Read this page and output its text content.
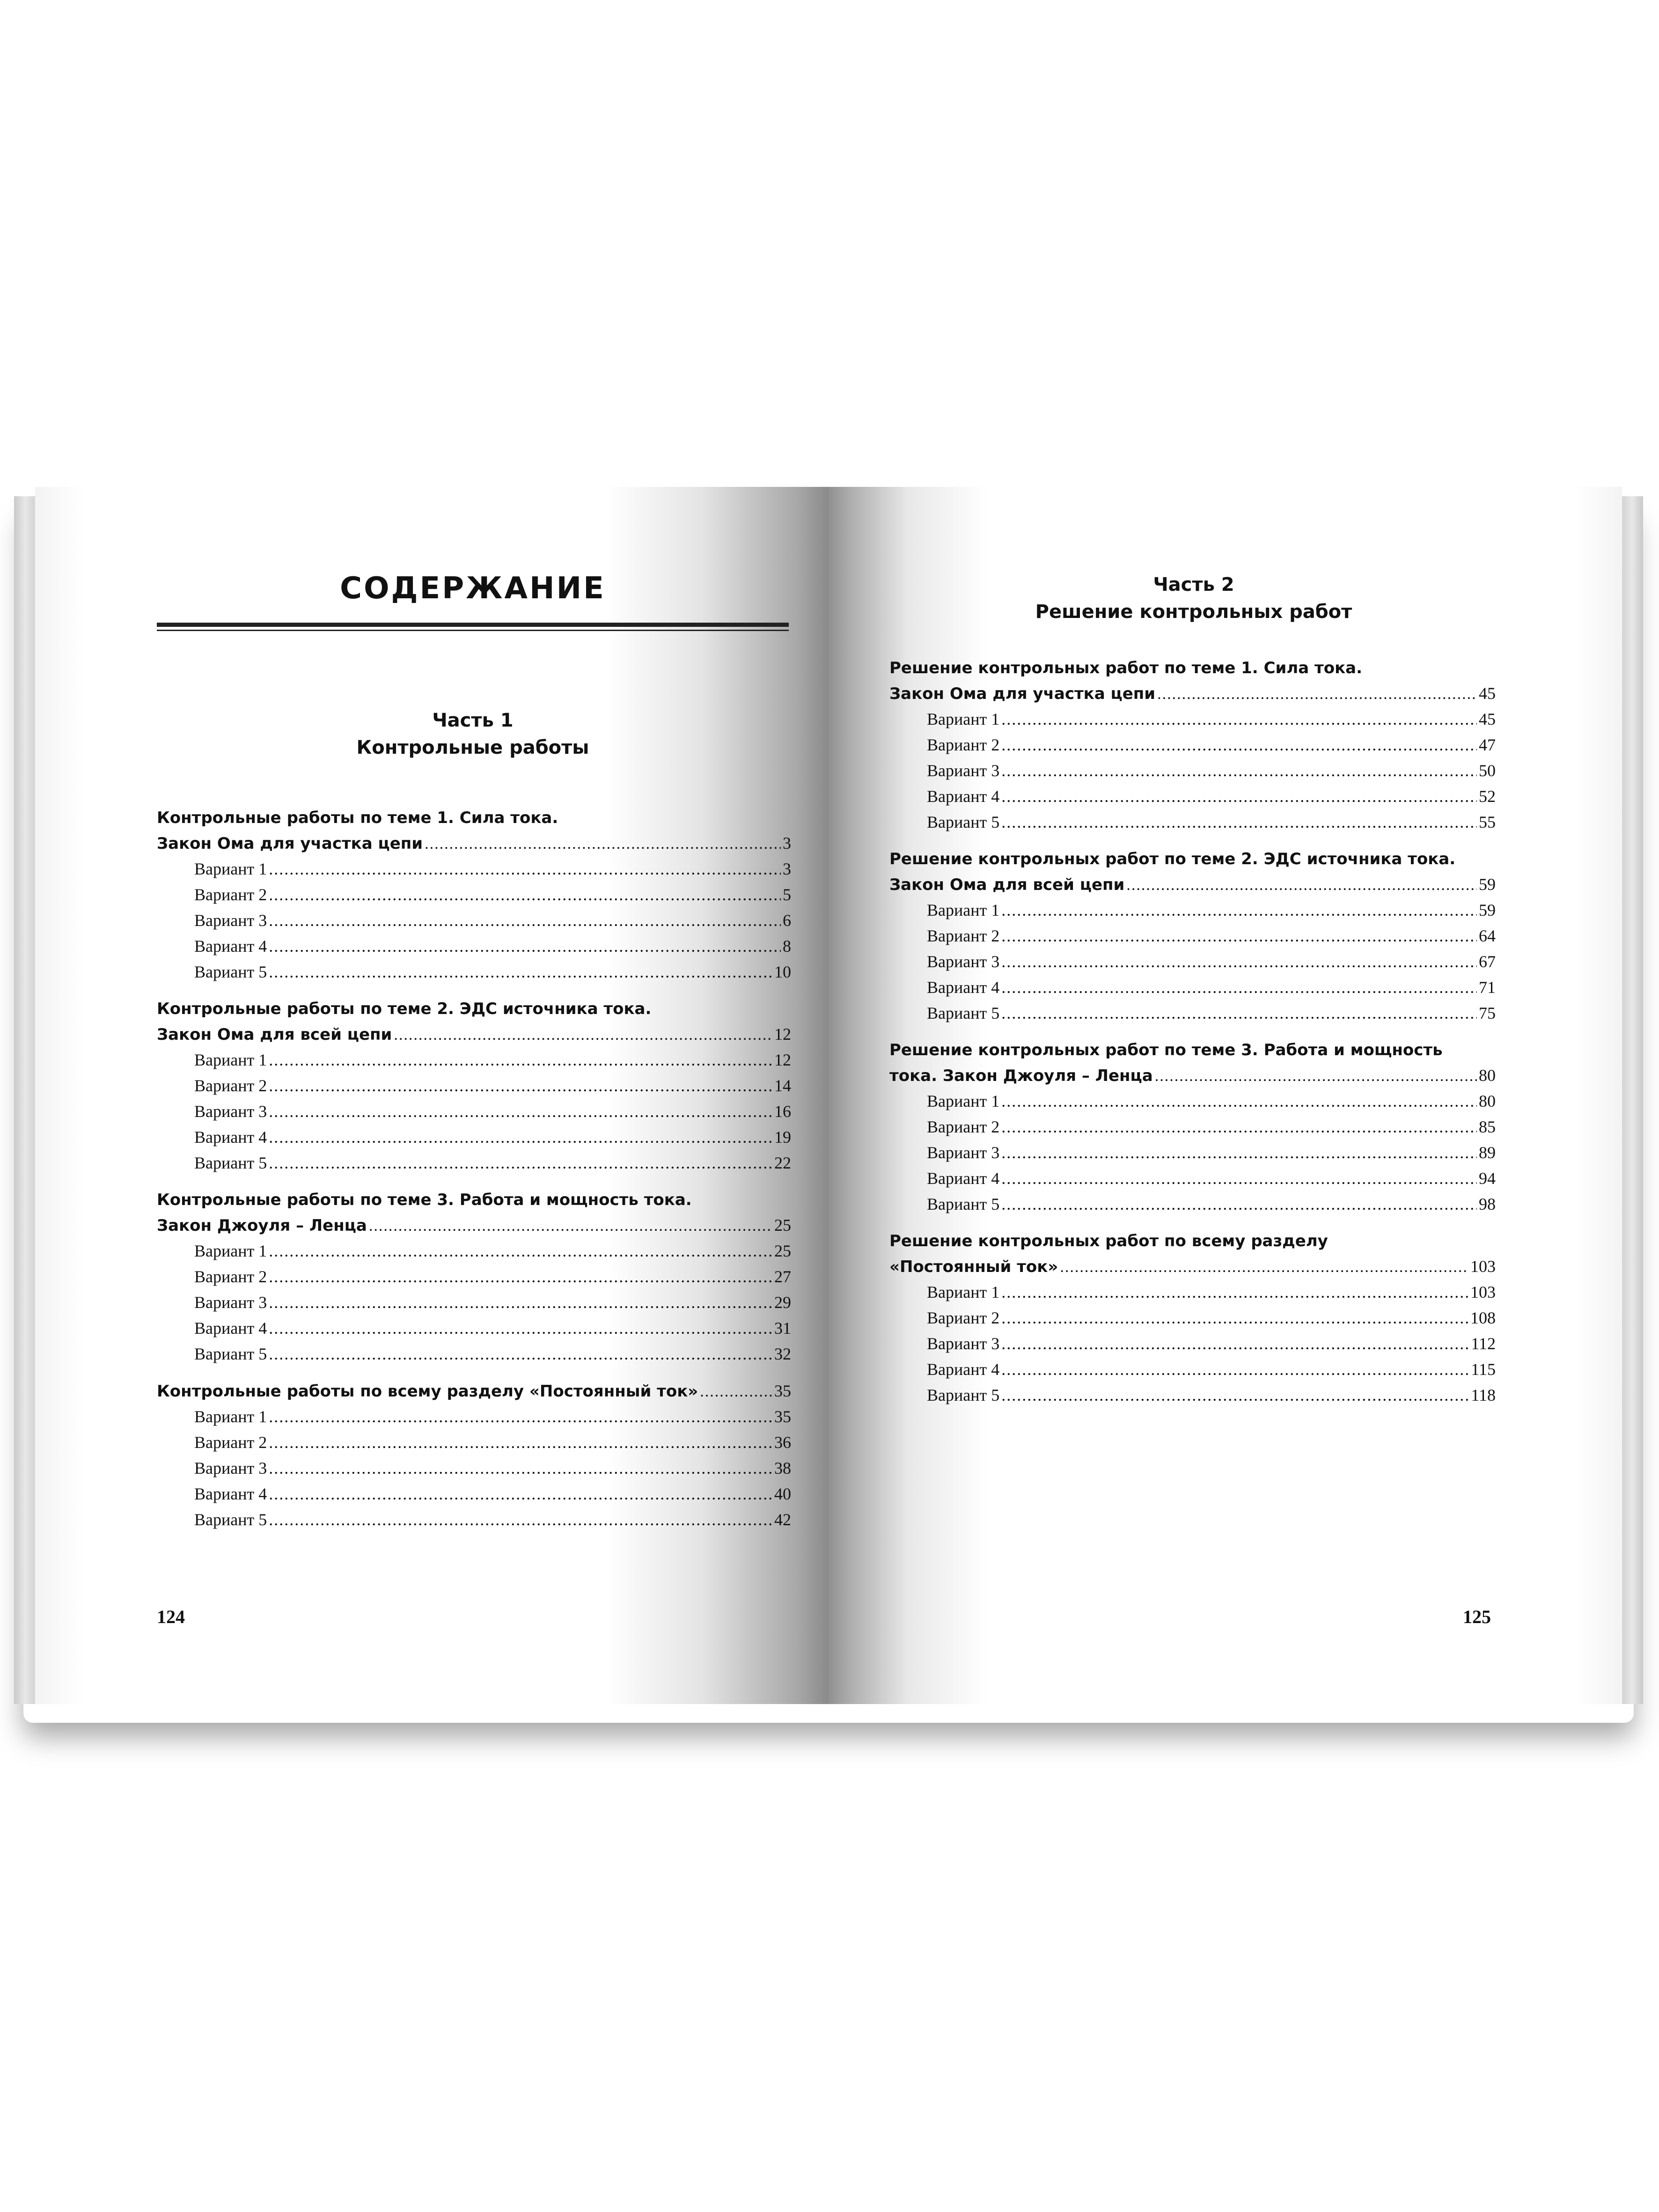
СОДЕРЖАНИЕ
Часть 1
Контрольные работы
Контрольные работы по теме 1. Сила тока.
Закон Ома для участка цепи .....	3
Вариант 1 .....	3
Вариант 2 .....	5
Вариант 3 .....	6
Вариант 4 .....	8
Вариант 5 .....	10
Контрольные работы по теме 2. ЭДС источника тока.
Закон Ома для всей цепи .....	12
Вариант 1 .....	12
Вариант 2 .....	14
Вариант 3 .....	16
Вариант 4 .....	19
Вариант 5 .....	22
Контрольные работы по теме 3. Работа и мощность тока.
Закон Джоуля – Ленца .....	25
Вариант 1 .....	25
Вариант 2 .....	27
Вариант 3 .....	29
Вариант 4 .....	31
Вариант 5 .....	32
Контрольные работы по всему разделу «Постоянный ток» .....	35
Вариант 1 .....	35
Вариант 2 .....	36
Вариант 3 .....	38
Вариант 4 .....	40
Вариант 5 .....	42
124
Часть 2
Решение контрольных работ
Решение контрольных работ по теме 1. Сила тока.
Закон Ома для участка цепи .....	45
Вариант 1 .....	45
Вариант 2 .....	47
Вариант 3 .....	50
Вариант 4 .....	52
Вариант 5 .....	55
Решение контрольных работ по теме 2. ЭДС источника тока.
Закон Ома для всей цепи .....	59
Вариант 1 .....	59
Вариант 2 .....	64
Вариант 3 .....	67
Вариант 4 .....	71
Вариант 5 .....	75
Решение контрольных работ по теме 3. Работа и мощность
тока. Закон Джоуля – Ленца .....	80
Вариант 1 .....	80
Вариант 2 .....	85
Вариант 3 .....	89
Вариант 4 .....	94
Вариант 5 .....	98
Решение контрольных работ по всему разделу
«Постоянный ток» .....	103
Вариант 1 .....	103
Вариант 2 .....	108
Вариант 3 .....	112
Вариант 4 .....	115
Вариант 5 .....	118
125
